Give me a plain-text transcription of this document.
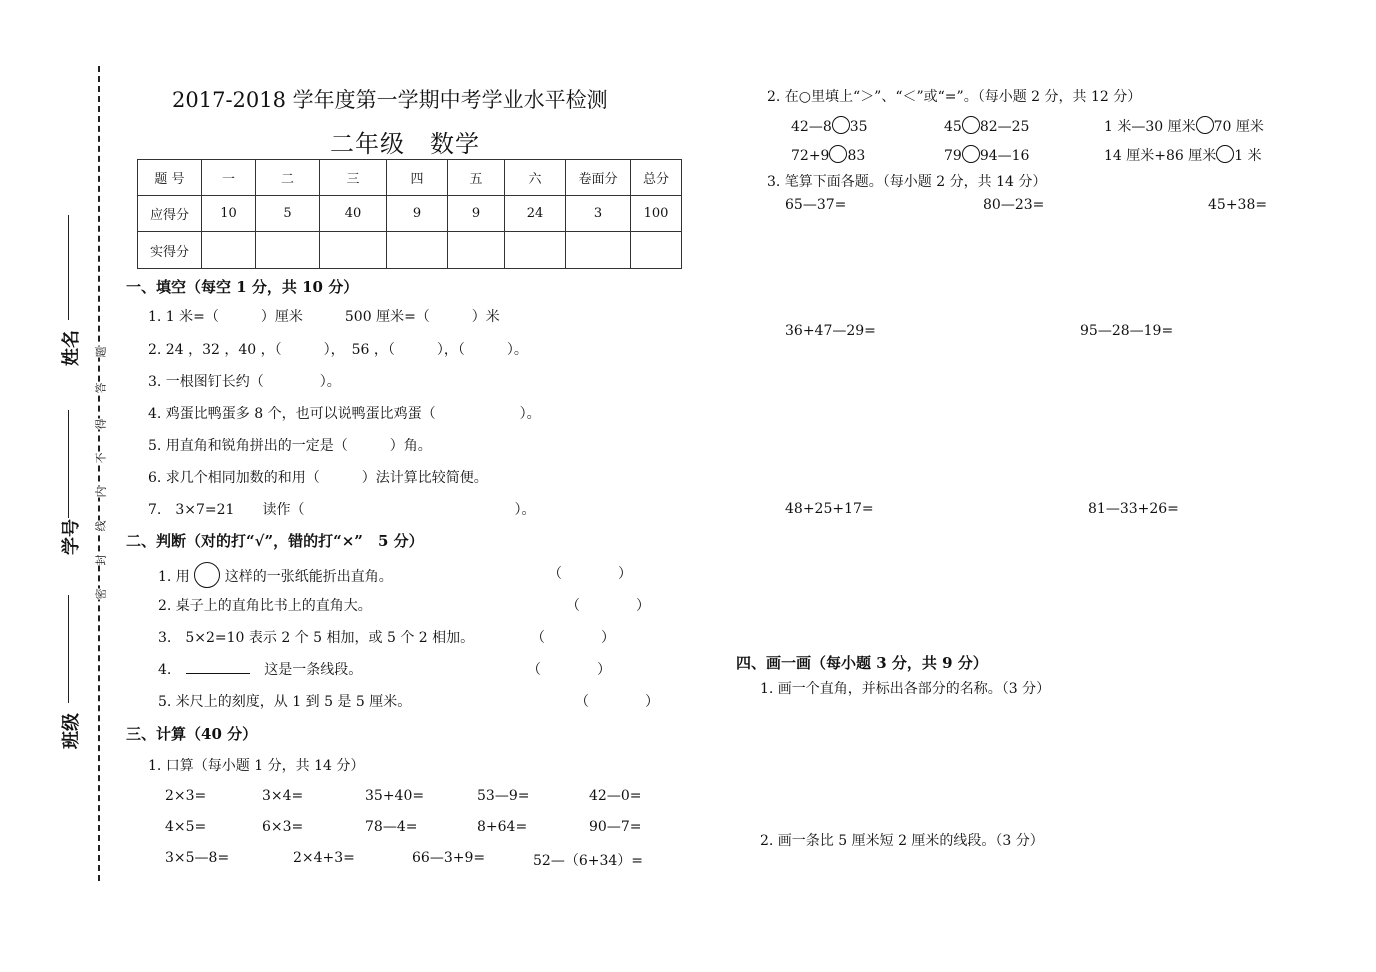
姓名
学号
班级
题
答
得
不
内
线
封
密
2017-2018 学年度第一学期中考学业水平检测
二年级　数学
题 号	一	二	三	四	五	六	卷面分	总分
应得分	10	5	40	9	9	24	3	100
实得分								
一、填空（每空 1 分，共 10 分）
1. 1 米=（　　　）厘米　　　500 厘米=（　　　）米
2. 24 ，32 ，40 ，（　　　），　56 ，（　　　），（　　　）。
3. 一根图钉长约（　　　　）。
4. 鸡蛋比鸭蛋多 8 个，也可以说鸭蛋比鸡蛋（　　　　　　）。
5. 用直角和锐角拼出的一定是（　　　）角。
6. 求几个相同加数的和用（　　　）法计算比较简便。
7.　3×7=21　　读作（　　　　　　　　　　　　　　　）。
二、判断（对的打“√”，错的打“×”　5 分）
1. 用 这样的一张纸能折出直角。	（　　　　）
2. 桌子上的直角比书上的直角大。	（　　　　）
3.　5×2=10 表示 2 个 5 相加，或 5 个 2 相加。	（　　　　）
4.	这是一条线段。	（　　　　）
5. 米尺上的刻度，从 1 到 5 是 5 厘米。	（　　　　）
三、计算（40 分）
1. 口算（每小题 1 分，共 14 分）
2×3=	3×4=	35+40=	53—9=	42—0=
4×5=	6×3=	78—4=	8+64=	90—7=
3×5—8=	2×4+3=	66—3+9=	52—（6+34）=
2. 在○里填上“＞”、“＜”或“=”。（每小题 2 分，共 12 分）
42—8 35	45 82—25	1 米—30 厘米 70 厘米
72+9 83	79 94—16	14 厘米+86 厘米 1 米
3. 笔算下面各题。（每小题 2 分，共 14 分）
65—37=	80—23=	45+38=
36+47—29=	95—28—19=
48+25+17=	81—33+26=
四、画一画（每小题 3 分，共 9 分）
1. 画一个直角，并标出各部分的名称。（3 分）
2. 画一条比 5 厘米短 2 厘米的线段。（3 分）
